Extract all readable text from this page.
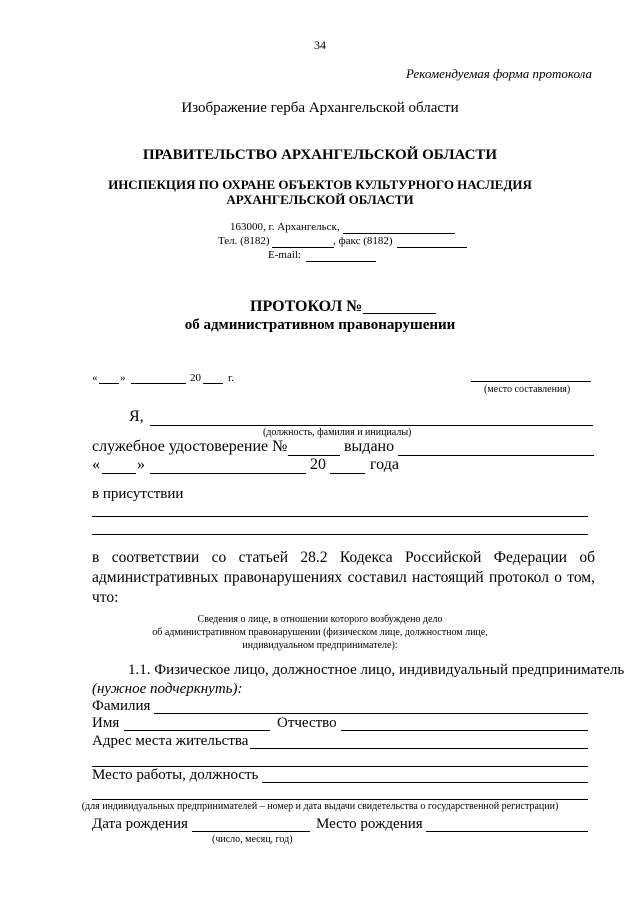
34
Рекомендуемая форма протокола
Изображение герба Архангельской области
ПРАВИТЕЛЬСТВО АРХАНГЕЛЬСКОЙ ОБЛАСТИ
ИНСПЕКЦИЯ ПО ОХРАНЕ ОБЪЕКТОВ КУЛЬТУРНОГО НАСЛЕДИЯ
АРХАНГЕЛЬСКОЙ ОБЛАСТИ
163000, г. Архангельск,
Тел. (8182)	, факс (8182)
E-mail:
ПРОТОКОЛ №
об административном правонарушении
« »	20 г.
(место составления)
Я,
(должность, фамилия и инициалы)
служебное удостоверение №	выдано
« »	20	года
в присутствии
в соответствии со статьей 28.2 Кодекса Российской Федерации об
административных правонарушениях составил настоящий протокол о том,
что:
Сведения о лице, в отношении которого возбуждено дело
об административном правонарушении (физическом лице, должностном лице,
индивидуальном предпринимателе):
1.1. Физическое лицо, должностное лицо, индивидуальный предприниматель
(нужное подчеркнуть):
Фамилия
Имя	Отчество
Адрес места жительства
Место работы, должность
(для индивидуальных предпринимателей – номер и дата выдачи свидетельства о государственной регистрации)
Дата рождения	Место рождения
(число, месяц, год)
